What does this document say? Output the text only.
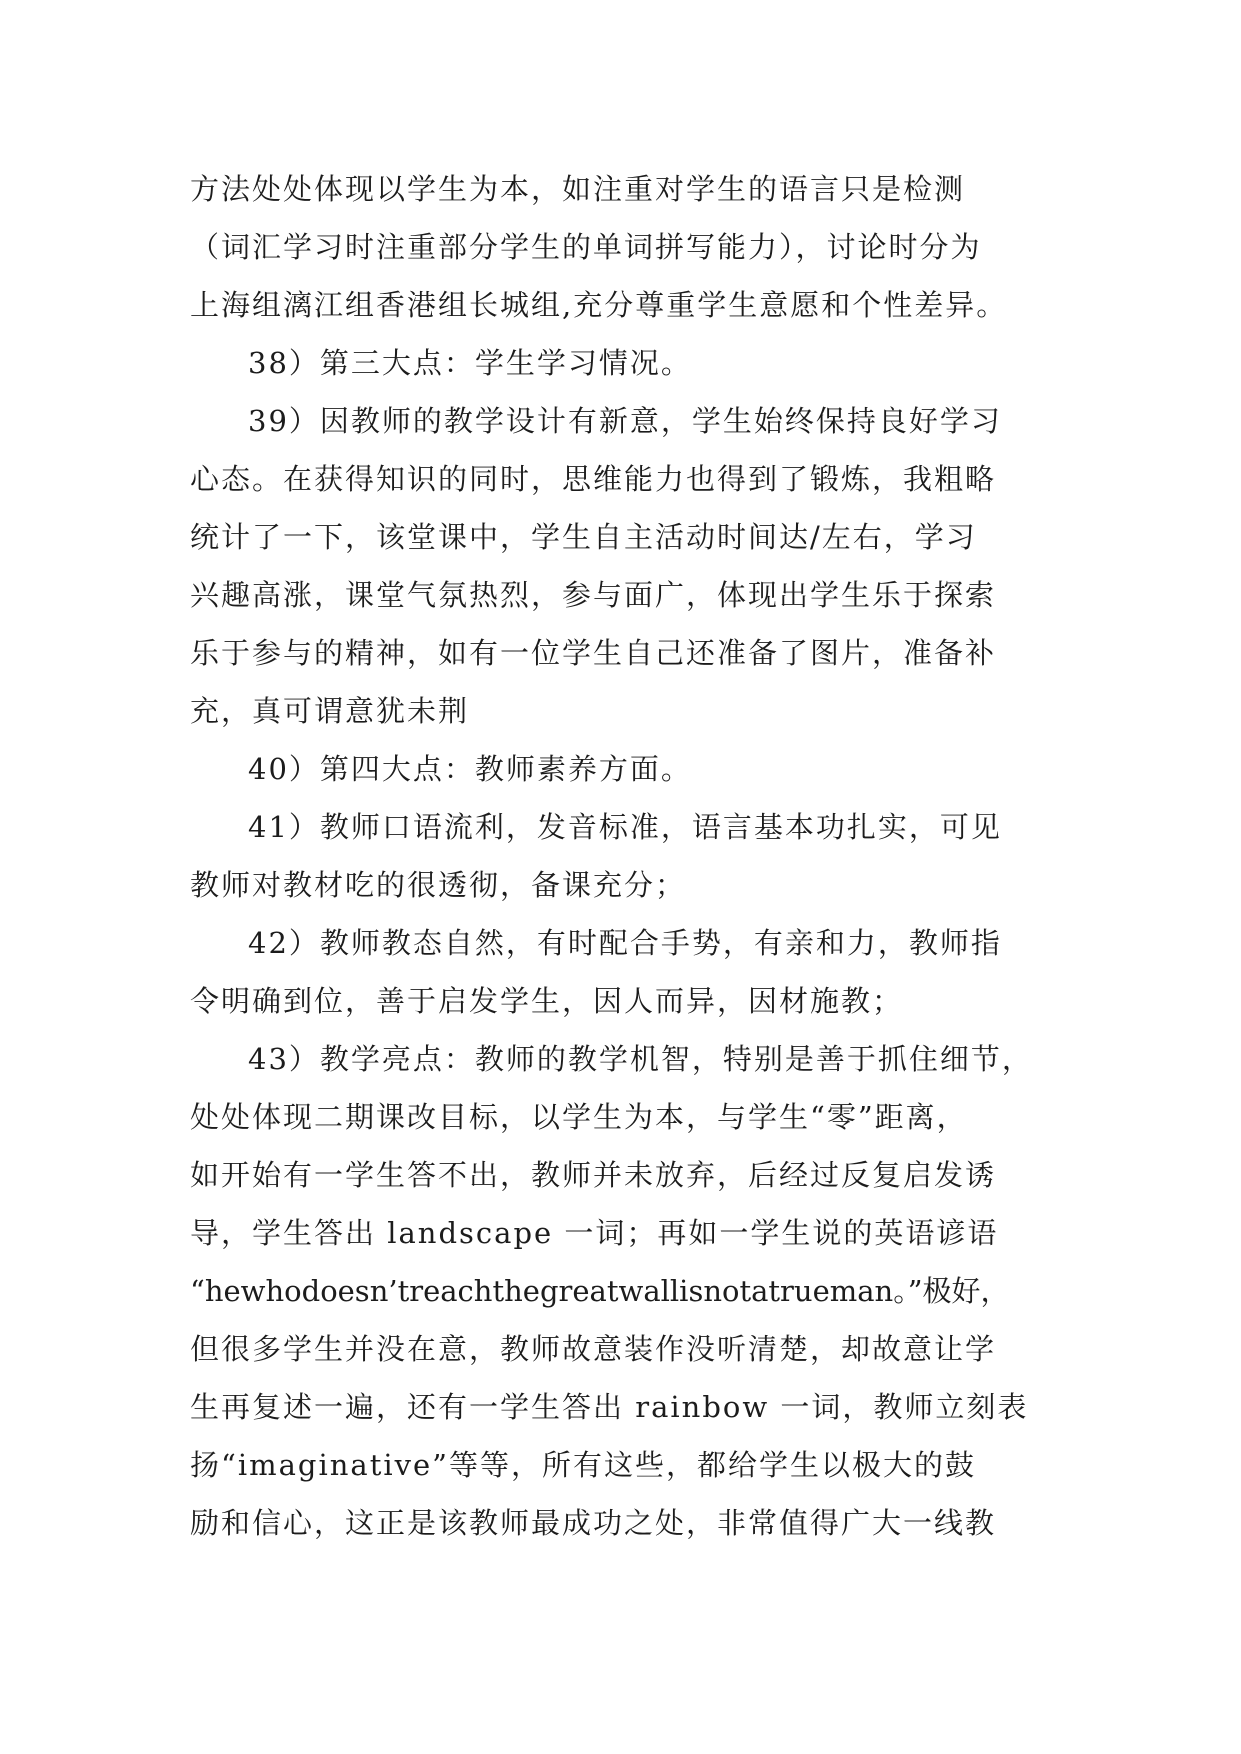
方法处处体现以学生为本，如注重对学生的语言只是检测
（词汇学习时注重部分学生的单词拼写能力），讨论时分为
上海组漓江组香港组长城组,充分尊重学生意愿和个性差异。
38）第三大点：学生学习情况。
39）因教师的教学设计有新意，学生始终保持良好学习
心态。在获得知识的同时，思维能力也得到了锻炼，我粗略
统计了一下，该堂课中，学生自主活动时间达/左右，学习
兴趣高涨，课堂气氛热烈，参与面广，体现出学生乐于探索
乐于参与的精神，如有一位学生自己还准备了图片，准备补
充，真可谓意犹未荆
40）第四大点：教师素养方面。
41）教师口语流利，发音标准，语言基本功扎实，可见
教师对教材吃的很透彻，备课充分；
42）教师教态自然，有时配合手势，有亲和力，教师指
令明确到位，善于启发学生，因人而异，因材施教；
43）教学亮点：教师的教学机智，特别是善于抓住细节，
处处体现二期课改目标，以学生为本，与学生“零”距离，
如开始有一学生答不出，教师并未放弃，后经过反复启发诱
导，学生答出 landscape 一词；再如一学生说的英语谚语
“hewhodoesn’treachthegreatwallisnotatrueman。”极好，
但很多学生并没在意，教师故意装作没听清楚，却故意让学
生再复述一遍，还有一学生答出 rainbow 一词，教师立刻表
扬“imaginative”等等，所有这些，都给学生以极大的鼓
励和信心，这正是该教师最成功之处，非常值得广大一线教
